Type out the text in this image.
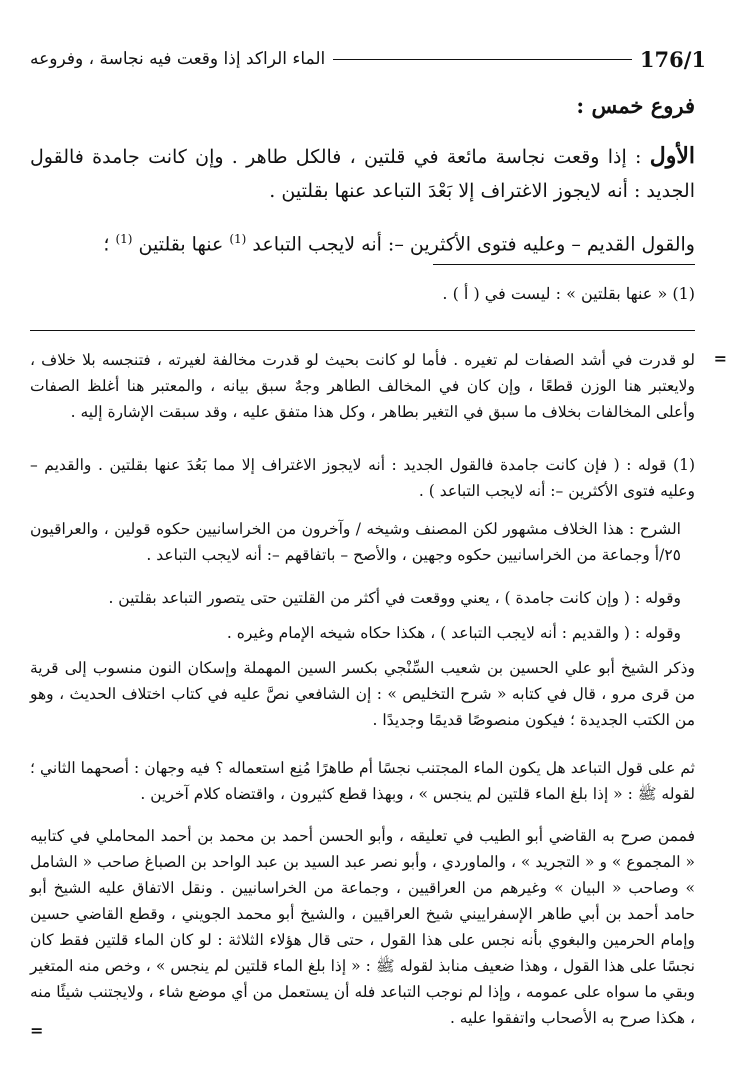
الماء الراكد إذا وقعت فيه نجاسة ، وفروعه	176/1
فروع خمس :
الأول : إذا وقعت نجاسة مائعة في قلتين ، فالكل طاهر . وإن كانت جامدة فالقول الجديد : أنه لايجوز الاغتراف إلا بَعْدَ التباعد عنها بقلتين .
والقول القديم – وعليه فتوى الأكثرين –: أنه لايجب التباعد $^{(1)}$ عنها بقلتين $^{(1)}$ ؛
(1) « عنها بقلتين » : ليست في ( أ ) .
=
لو قدرت في أشد الصفات لم تغيره . فأما لو كانت بحيث لو قدرت مخالفة لغيرته ، فتنجسه بلا خلاف ، ولايعتبر هنا الوزن قطعًا ، وإن كان في المخالف الطاهر وجهٌ سبق بيانه ، والمعتبر هنا أغلظ الصفات وأعلى المخالفات بخلاف ما سبق في التغير بطاهر ، وكل هذا متفق عليه ، وقد سبقت الإشارة إليه .
(1) قوله : ( فإن كانت جامدة فالقول الجديد : أنه لايجوز الاغتراف إلا مما بَعُدَ عنها بقلتين . والقديم – وعليه فتوى الأكثرين –: أنه لايجب التباعد ) .
الشرح : هذا الخلاف مشهور لكن المصنف وشيخه / وآخرون من الخراسانيين حكوه قولين ، والعراقيون ٢٥/أ وجماعة من الخراسانيين حكوه وجهين ، والأصح – باتفاقهم –: أنه لايجب التباعد .
وقوله : ( وإن كانت جامدة ) ، يعني ووقعت في أكثر من القلتين حتى يتصور التباعد بقلتين .
وقوله : ( والقديم : أنه لايجب التباعد ) ، هكذا حكاه شيخه الإمام وغيره .
وذكر الشيخ أبو علي الحسين بن شعيب السِّنْجي بكسر السين المهملة وإسكان النون منسوب إلى قرية من قرى مرو ، قال في كتابه « شرح التخليص » : إن الشافعي نصَّ عليه في كتاب اختلاف الحديث ، وهو من الكتب الجديدة ؛ فيكون منصوصًا قديمًا وجديدًا .
ثم على قول التباعد هل يكون الماء المجتنب نجسًا أم طاهرًا مُنِع استعماله ؟ فيه وجهان : أصحهما الثاني ؛ لقوله ﷺ : « إذا بلغ الماء قلتين لم ينجس » ، وبهذا قطع كثيرون ، واقتضاه كلام آخرين .
فممن صرح به القاضي أبو الطيب في تعليقه ، وأبو الحسن أحمد بن محمد بن أحمد المحاملي في كتابيه « المجموع » و « التجريد » ، والماوردي ، وأبو نصر عبد السيد بن عبد الواحد بن الصباغ صاحب « الشامل » وصاحب « البيان » وغيرهم من العراقيين ، وجماعة من الخراسانيين . ونقل الاتفاق عليه الشيخ أبو حامد أحمد بن أبي طاهر الإسفراييني شيخ العراقيين ، والشيخ أبو محمد الجويني ، وقطع القاضي حسين وإمام الحرمين والبغوي بأنه نجس على هذا القول ، حتى قال هؤلاء الثلاثة : لو كان الماء قلتين فقط كان نجسًا على هذا القول ، وهذا ضعيف منابذ لقوله ﷺ : « إذا بلغ الماء قلتين لم ينجس » ، وخص منه المتغير وبقي ما سواه على عمومه ، وإذا لم نوجب التباعد فله أن يستعمل من أي موضع شاء ، ولايجتنب شيئًا منه ، هكذا صرح به الأصحاب واتفقوا عليه .
=
